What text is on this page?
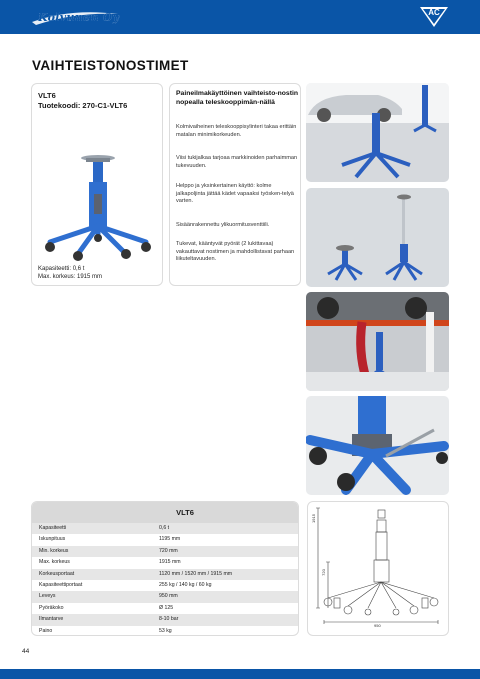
Kolvunen Oy	AC
VAIHTEISTONOSTIMET
VLT6
Tuotekoodi: 270-C1-VLT6
Kapasiteetti: 0,6 t
Max. korkeus: 1915 mm
Paineilmakäyttöinen vaihteisto-nostin nopealla teleskooppimän-nällä

Kolmivaiheinen teleskooppisylinteri takaa erittäin matalan minimikorkeuden.

Viisi tukijalkaa tarjoaa markkinoiden parhaimman tukevuuden.

Helppo ja yksinkertainen käyttö: kolme jalkapoljinta jättää kädet vapaaksi työsken-telyä varten.

Sisäänrakennettu ylikuormitusventtiili.

Tukevat, kääntyvät pyörät (2 lukittavaa) vakauttavat nostimen ja mahdollistavat parhaan liikuteltavuuden.

VLT6
Kapasiteetti	0,6 t
Iskunpituus	1195 mm
Min. korkeus	720 mm
Max. korkeus	1915 mm
Korkeusportaat	1120 mm / 1520 mm / 1915 mm
Kapasiteettiportaat	255 kg / 140 kg / 60 kg
Leveys	950 mm
Pyöräkoko	Ø 125
Ilmantarve	8-10 bar
Paino	53 kg
1915
720
950
44
